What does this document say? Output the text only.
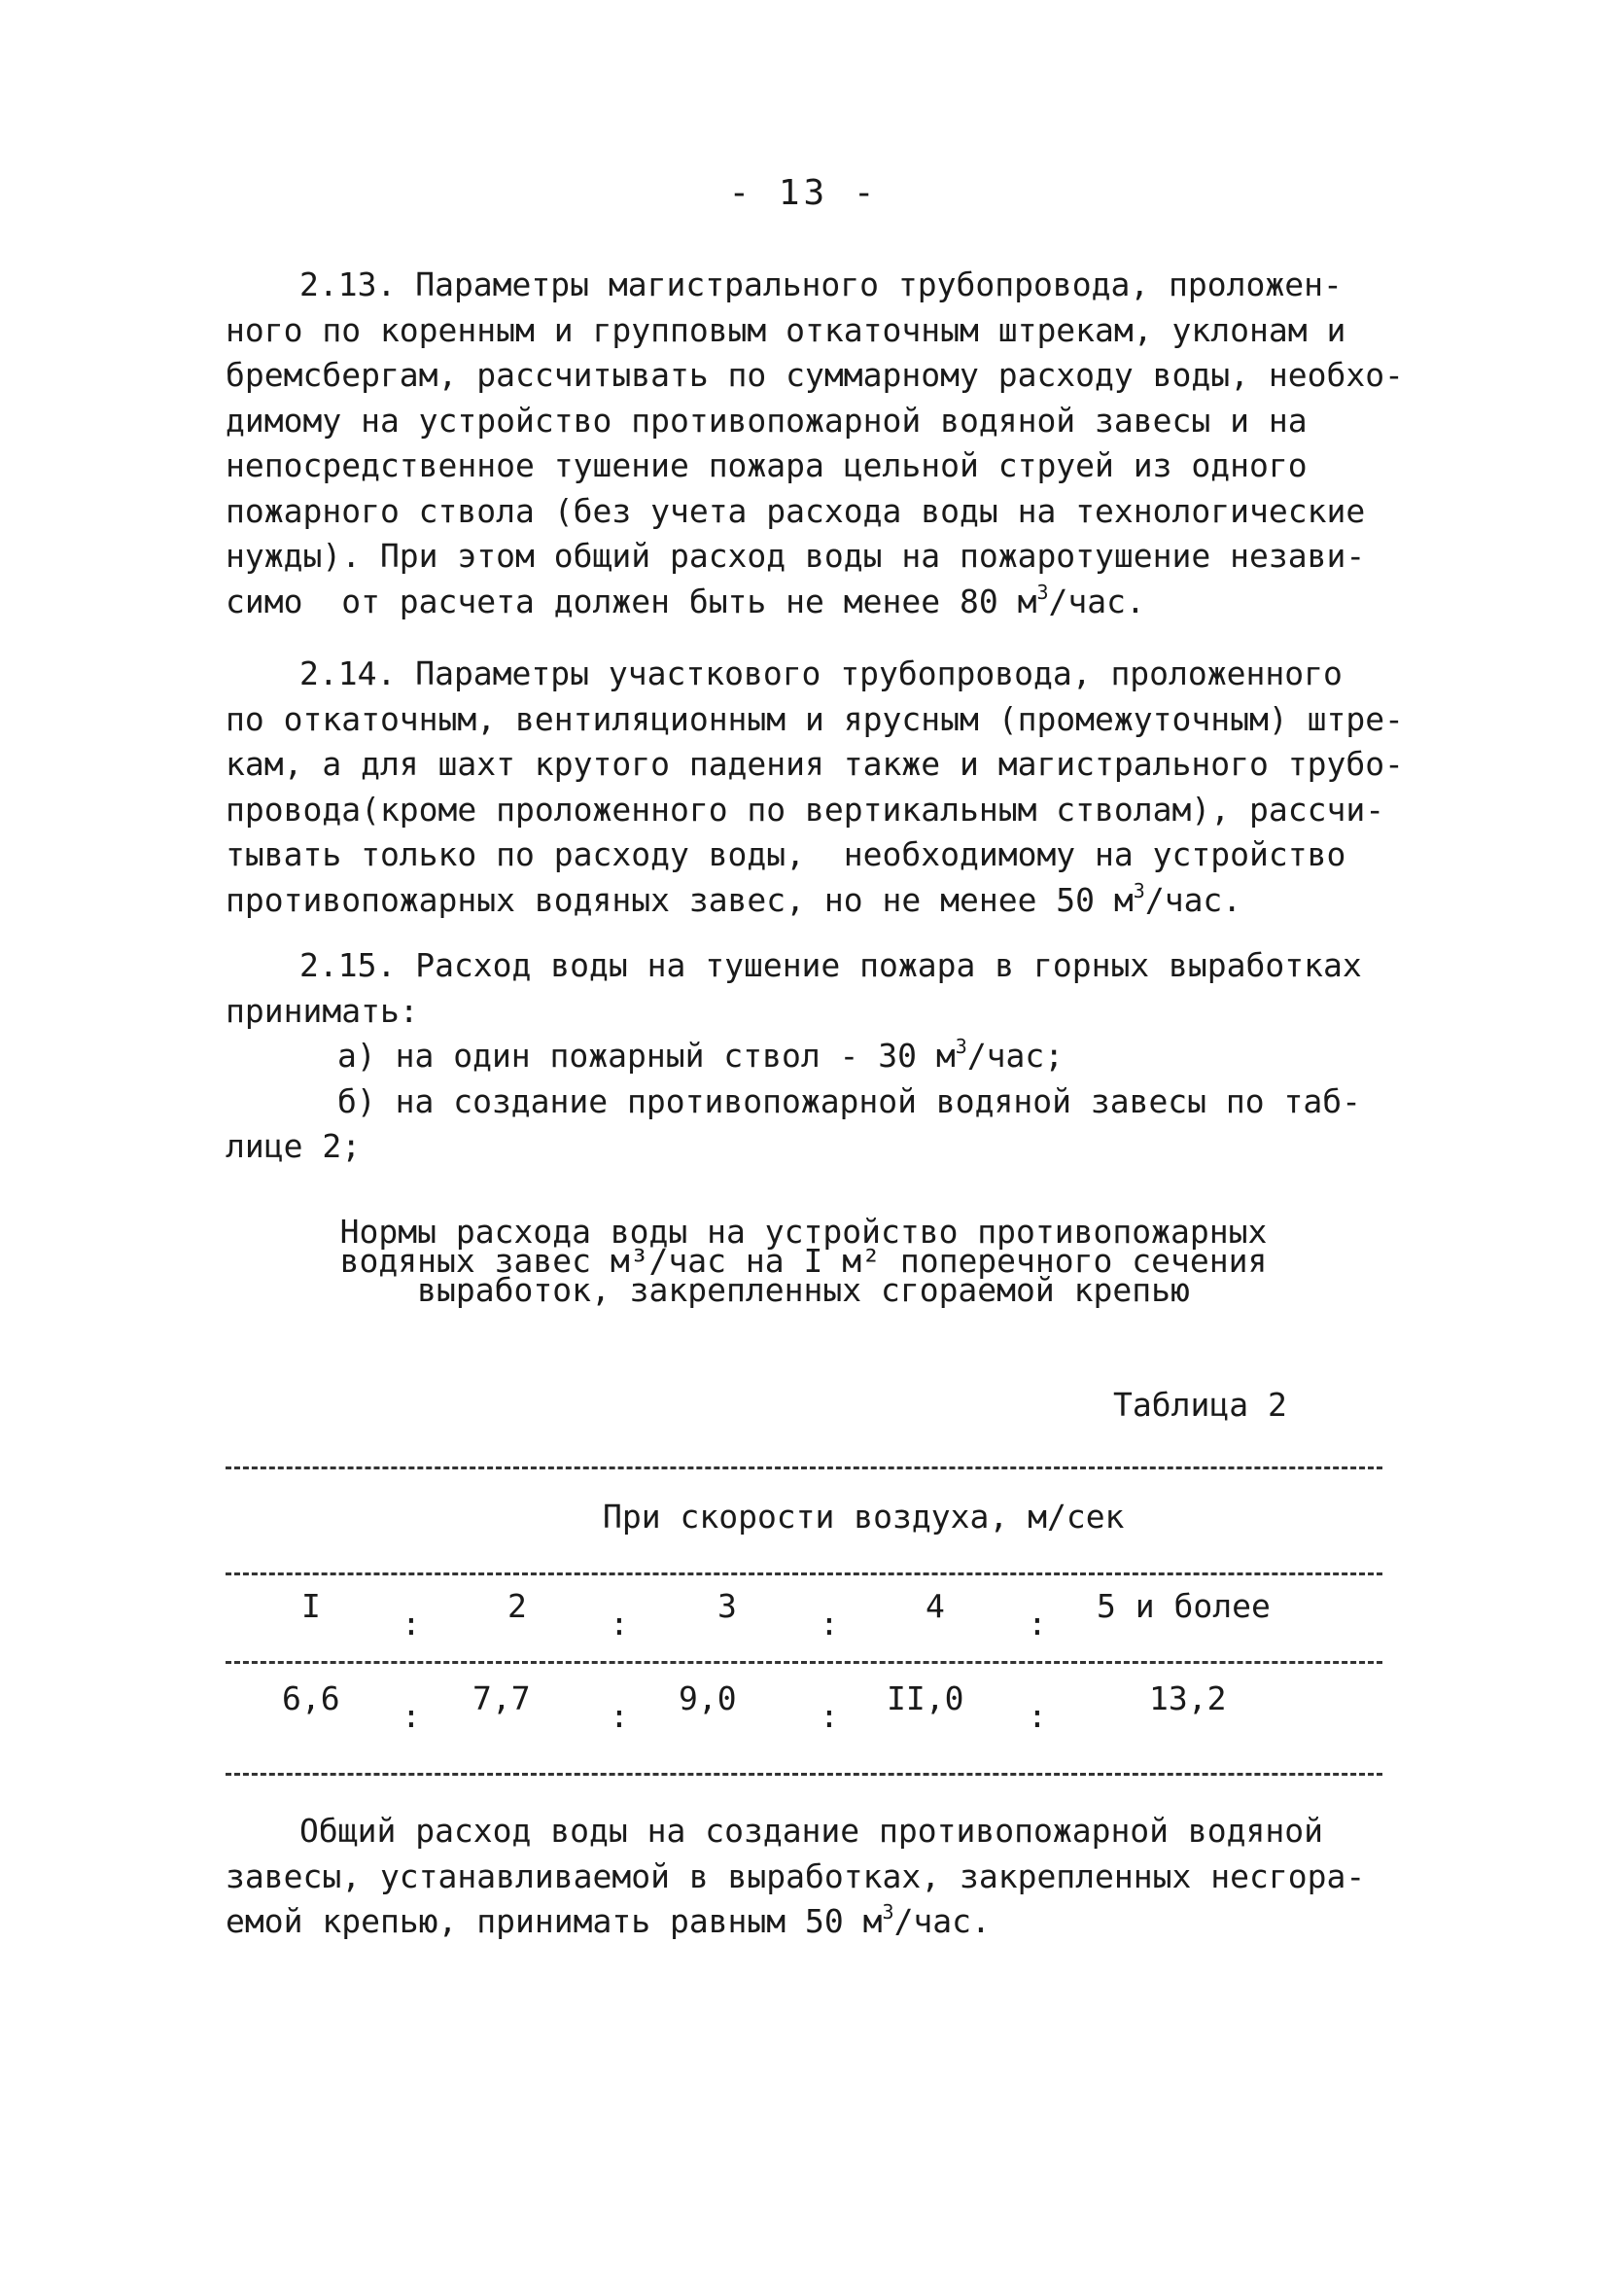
- 13 -
2.13. Параметры магистрального трубопровода, проложен-
ного по коренным и групповым откаточным штрекам, уклонам и
бремсбергам, рассчитывать по суммарному расходу воды, необхо-
димому на устройство противопожарной водяной завесы и на
непосредственное тушение пожара цельной струей из одного
пожарного ствола (без учета расхода воды на технологические
нужды). При этом общий расход воды на пожаротушение незави-
симо  от расчета должен быть не менее 80 $м^3$/час.
2.14. Параметры участкового трубопровода, проложенного
по откаточным, вентиляционным и ярусным (промежуточным) штре-
кам, а для шахт крутого падения также и магистрального трубо-
провода(кроме проложенного по вертикальным стволам), рассчи-
тывать только по расходу воды,  необходимому на устройство
противопожарных водяных завес, но не менее 50 $м^3$/час.
2.15. Расход воды на тушение пожара в горных выработках
принимать:
а) на один пожарный ствол - 30 $м^3$/час;
б) на создание противопожарной водяной завесы по таб-
лице 2;
Нормы расхода воды на устройство противопожарных
водяных завес м³/час на I м² поперечного сечения
выработок, закрепленных сгораемой крепью
Таблица 2
При скорости воздуха, м/сек
I	:	2	:	3	:	4	: 5 и более
6,6 : 7,7 : 9,0	: II,0 :	13,2
Общий расход воды на создание противопожарной водяной
завесы, устанавливаемой в выработках, закрепленных несгора-
емой крепью, принимать равным 50 $м^3$/час.
